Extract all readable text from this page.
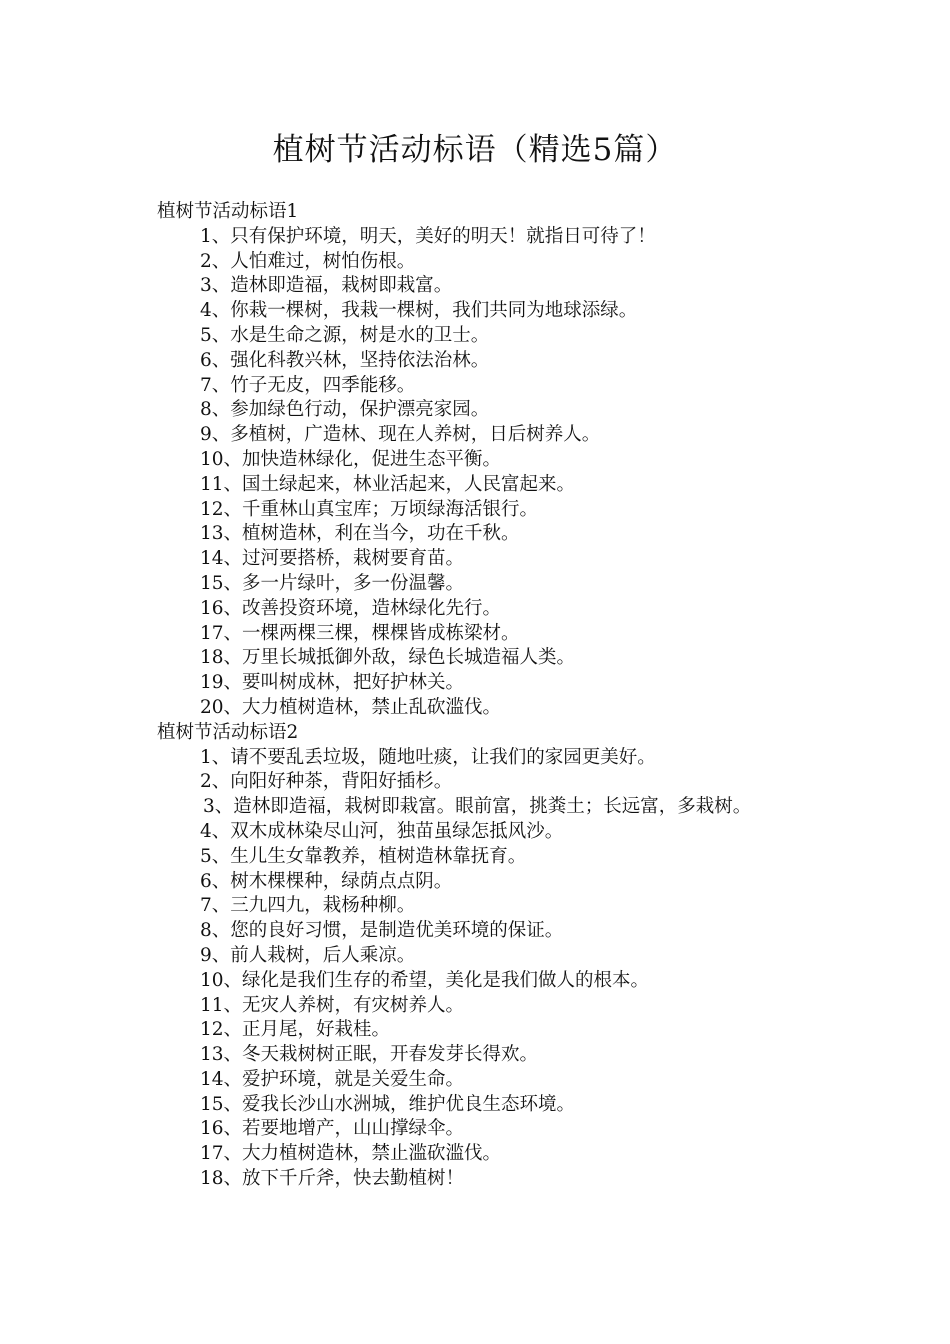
植树节活动标语（精选5篇）

植树节活动标语1

1、只有保护环境，明天，美好的明天！就指日可待了！

2、人怕难过，树怕伤根。

3、造林即造福，栽树即栽富。

4、你栽一棵树，我栽一棵树，我们共同为地球添绿。

5、水是生命之源，树是水的卫士。

6、强化科教兴林，坚持依法治林。

7、竹子无皮，四季能移。

8、参加绿色行动，保护漂亮家园。

9、多植树，广造林、现在人养树，日后树养人。

10、加快造林绿化，促进生态平衡。

11、国土绿起来，林业活起来，人民富起来。

12、千重林山真宝库；万顷绿海活银行。

13、植树造林，利在当今，功在千秋。

14、过河要搭桥，栽树要育苗。

15、多一片绿叶，多一份温馨。

16、改善投资环境，造林绿化先行。

17、一棵两棵三棵，棵棵皆成栋梁材。

18、万里长城抵御外敌，绿色长城造福人类。

19、要叫树成林，把好护林关。

20、大力植树造林，禁止乱砍滥伐。

植树节活动标语2

1、请不要乱丢垃圾，随地吐痰，让我们的家园更美好。

2、向阳好种茶，背阳好插杉。

3、造林即造福，栽树即栽富。眼前富，挑粪土；长远富，多栽树。

4、双木成林染尽山河，独苗虽绿怎抵风沙。

5、生儿生女靠教养，植树造林靠抚育。

6、树木棵棵种，绿荫点点阴。

7、三九四九，栽杨种柳。

8、您的良好习惯，是制造优美环境的保证。

9、前人栽树，后人乘凉。

10、绿化是我们生存的希望，美化是我们做人的根本。

11、无灾人养树，有灾树养人。

12、正月尾，好栽桂。

13、冬天栽树树正眠，开春发芽长得欢。

14、爱护环境，就是关爱生命。

15、爱我长沙山水洲城，维护优良生态环境。

16、若要地增产，山山撑绿伞。

17、大力植树造林，禁止滥砍滥伐。

18、放下千斤斧，快去勤植树！
